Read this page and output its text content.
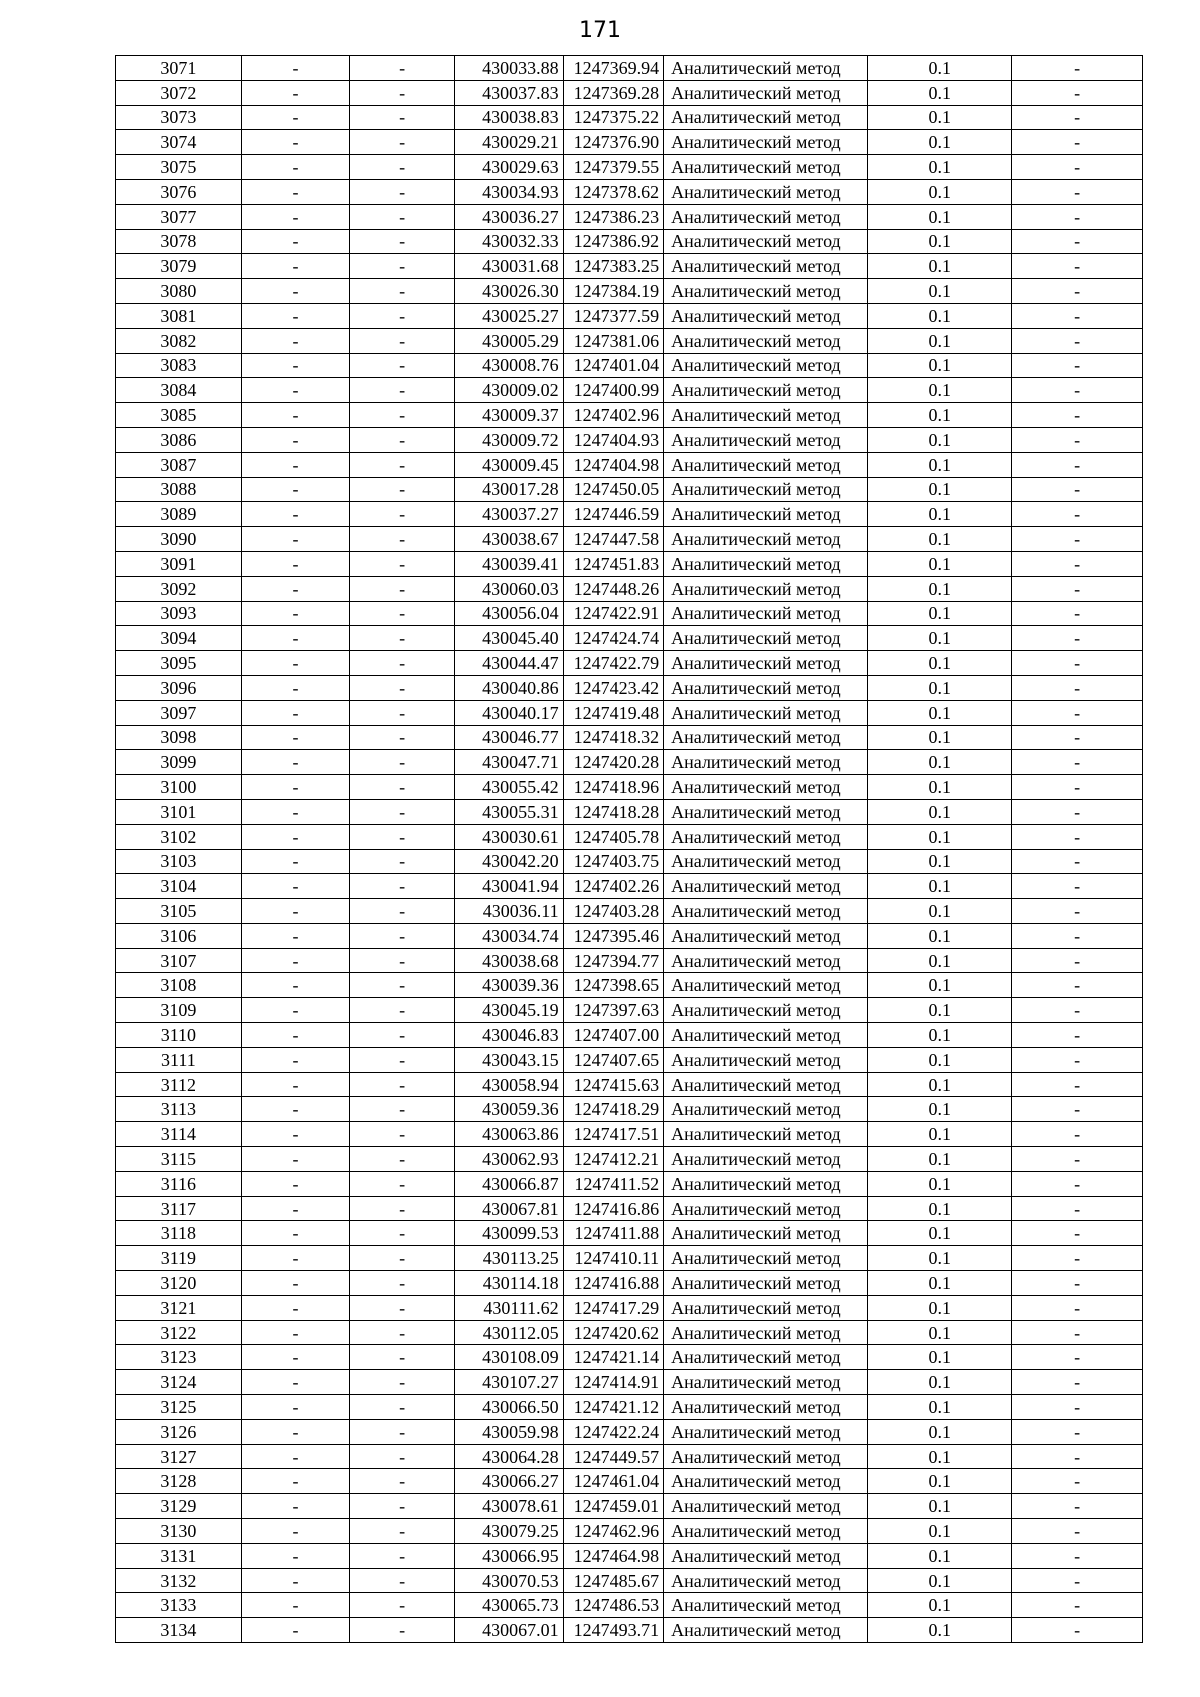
171
3071	-	-	430033.88	1247369.94	Аналитический метод	0.1	-
3072	-	-	430037.83	1247369.28	Аналитический метод	0.1	-
3073	-	-	430038.83	1247375.22	Аналитический метод	0.1	-
3074	-	-	430029.21	1247376.90	Аналитический метод	0.1	-
3075	-	-	430029.63	1247379.55	Аналитический метод	0.1	-
3076	-	-	430034.93	1247378.62	Аналитический метод	0.1	-
3077	-	-	430036.27	1247386.23	Аналитический метод	0.1	-
3078	-	-	430032.33	1247386.92	Аналитический метод	0.1	-
3079	-	-	430031.68	1247383.25	Аналитический метод	0.1	-
3080	-	-	430026.30	1247384.19	Аналитический метод	0.1	-
3081	-	-	430025.27	1247377.59	Аналитический метод	0.1	-
3082	-	-	430005.29	1247381.06	Аналитический метод	0.1	-
3083	-	-	430008.76	1247401.04	Аналитический метод	0.1	-
3084	-	-	430009.02	1247400.99	Аналитический метод	0.1	-
3085	-	-	430009.37	1247402.96	Аналитический метод	0.1	-
3086	-	-	430009.72	1247404.93	Аналитический метод	0.1	-
3087	-	-	430009.45	1247404.98	Аналитический метод	0.1	-
3088	-	-	430017.28	1247450.05	Аналитический метод	0.1	-
3089	-	-	430037.27	1247446.59	Аналитический метод	0.1	-
3090	-	-	430038.67	1247447.58	Аналитический метод	0.1	-
3091	-	-	430039.41	1247451.83	Аналитический метод	0.1	-
3092	-	-	430060.03	1247448.26	Аналитический метод	0.1	-
3093	-	-	430056.04	1247422.91	Аналитический метод	0.1	-
3094	-	-	430045.40	1247424.74	Аналитический метод	0.1	-
3095	-	-	430044.47	1247422.79	Аналитический метод	0.1	-
3096	-	-	430040.86	1247423.42	Аналитический метод	0.1	-
3097	-	-	430040.17	1247419.48	Аналитический метод	0.1	-
3098	-	-	430046.77	1247418.32	Аналитический метод	0.1	-
3099	-	-	430047.71	1247420.28	Аналитический метод	0.1	-
3100	-	-	430055.42	1247418.96	Аналитический метод	0.1	-
3101	-	-	430055.31	1247418.28	Аналитический метод	0.1	-
3102	-	-	430030.61	1247405.78	Аналитический метод	0.1	-
3103	-	-	430042.20	1247403.75	Аналитический метод	0.1	-
3104	-	-	430041.94	1247402.26	Аналитический метод	0.1	-
3105	-	-	430036.11	1247403.28	Аналитический метод	0.1	-
3106	-	-	430034.74	1247395.46	Аналитический метод	0.1	-
3107	-	-	430038.68	1247394.77	Аналитический метод	0.1	-
3108	-	-	430039.36	1247398.65	Аналитический метод	0.1	-
3109	-	-	430045.19	1247397.63	Аналитический метод	0.1	-
3110	-	-	430046.83	1247407.00	Аналитический метод	0.1	-
3111	-	-	430043.15	1247407.65	Аналитический метод	0.1	-
3112	-	-	430058.94	1247415.63	Аналитический метод	0.1	-
3113	-	-	430059.36	1247418.29	Аналитический метод	0.1	-
3114	-	-	430063.86	1247417.51	Аналитический метод	0.1	-
3115	-	-	430062.93	1247412.21	Аналитический метод	0.1	-
3116	-	-	430066.87	1247411.52	Аналитический метод	0.1	-
3117	-	-	430067.81	1247416.86	Аналитический метод	0.1	-
3118	-	-	430099.53	1247411.88	Аналитический метод	0.1	-
3119	-	-	430113.25	1247410.11	Аналитический метод	0.1	-
3120	-	-	430114.18	1247416.88	Аналитический метод	0.1	-
3121	-	-	430111.62	1247417.29	Аналитический метод	0.1	-
3122	-	-	430112.05	1247420.62	Аналитический метод	0.1	-
3123	-	-	430108.09	1247421.14	Аналитический метод	0.1	-
3124	-	-	430107.27	1247414.91	Аналитический метод	0.1	-
3125	-	-	430066.50	1247421.12	Аналитический метод	0.1	-
3126	-	-	430059.98	1247422.24	Аналитический метод	0.1	-
3127	-	-	430064.28	1247449.57	Аналитический метод	0.1	-
3128	-	-	430066.27	1247461.04	Аналитический метод	0.1	-
3129	-	-	430078.61	1247459.01	Аналитический метод	0.1	-
3130	-	-	430079.25	1247462.96	Аналитический метод	0.1	-
3131	-	-	430066.95	1247464.98	Аналитический метод	0.1	-
3132	-	-	430070.53	1247485.67	Аналитический метод	0.1	-
3133	-	-	430065.73	1247486.53	Аналитический метод	0.1	-
3134	-	-	430067.01	1247493.71	Аналитический метод	0.1	-
